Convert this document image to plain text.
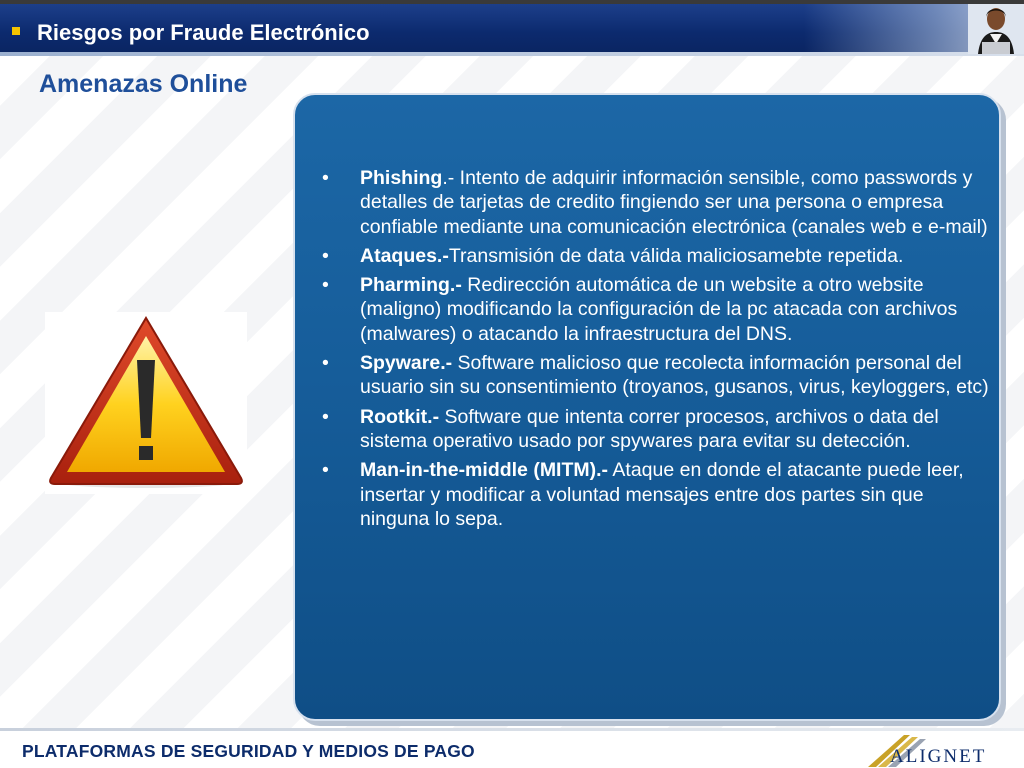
Riesgos por Fraude Electrónico
Amenazas Online
• Phishing.- Intento de adquirir información sensible, como passwords y detalles de tarjetas de credito fingiendo ser una persona o empresa confiable mediante una comunicación electrónica (canales web e e-mail)
• Ataques.-Transmisión de data válida maliciosamebte repetida.
• Pharming.- Redirección automática de un website a otro website (maligno) modificando la configuración de la pc atacada con archivos (malwares) o atacando la infraestructura del DNS.
• Spyware.- Software malicioso que recolecta información personal del usuario sin su consentimiento (troyanos, gusanos, virus, keyloggers, etc)
• Rootkit.- Software que intenta correr procesos, archivos o data del sistema operativo usado por spywares para evitar su detección.
• Man-in-the-middle (MITM).- Ataque en donde el atacante puede leer, insertar y modificar a voluntad mensajes entre dos partes sin que ninguna lo sepa.
PLATAFORMAS DE SEGURIDAD Y MEDIOS DE PAGO	ALIGNET
